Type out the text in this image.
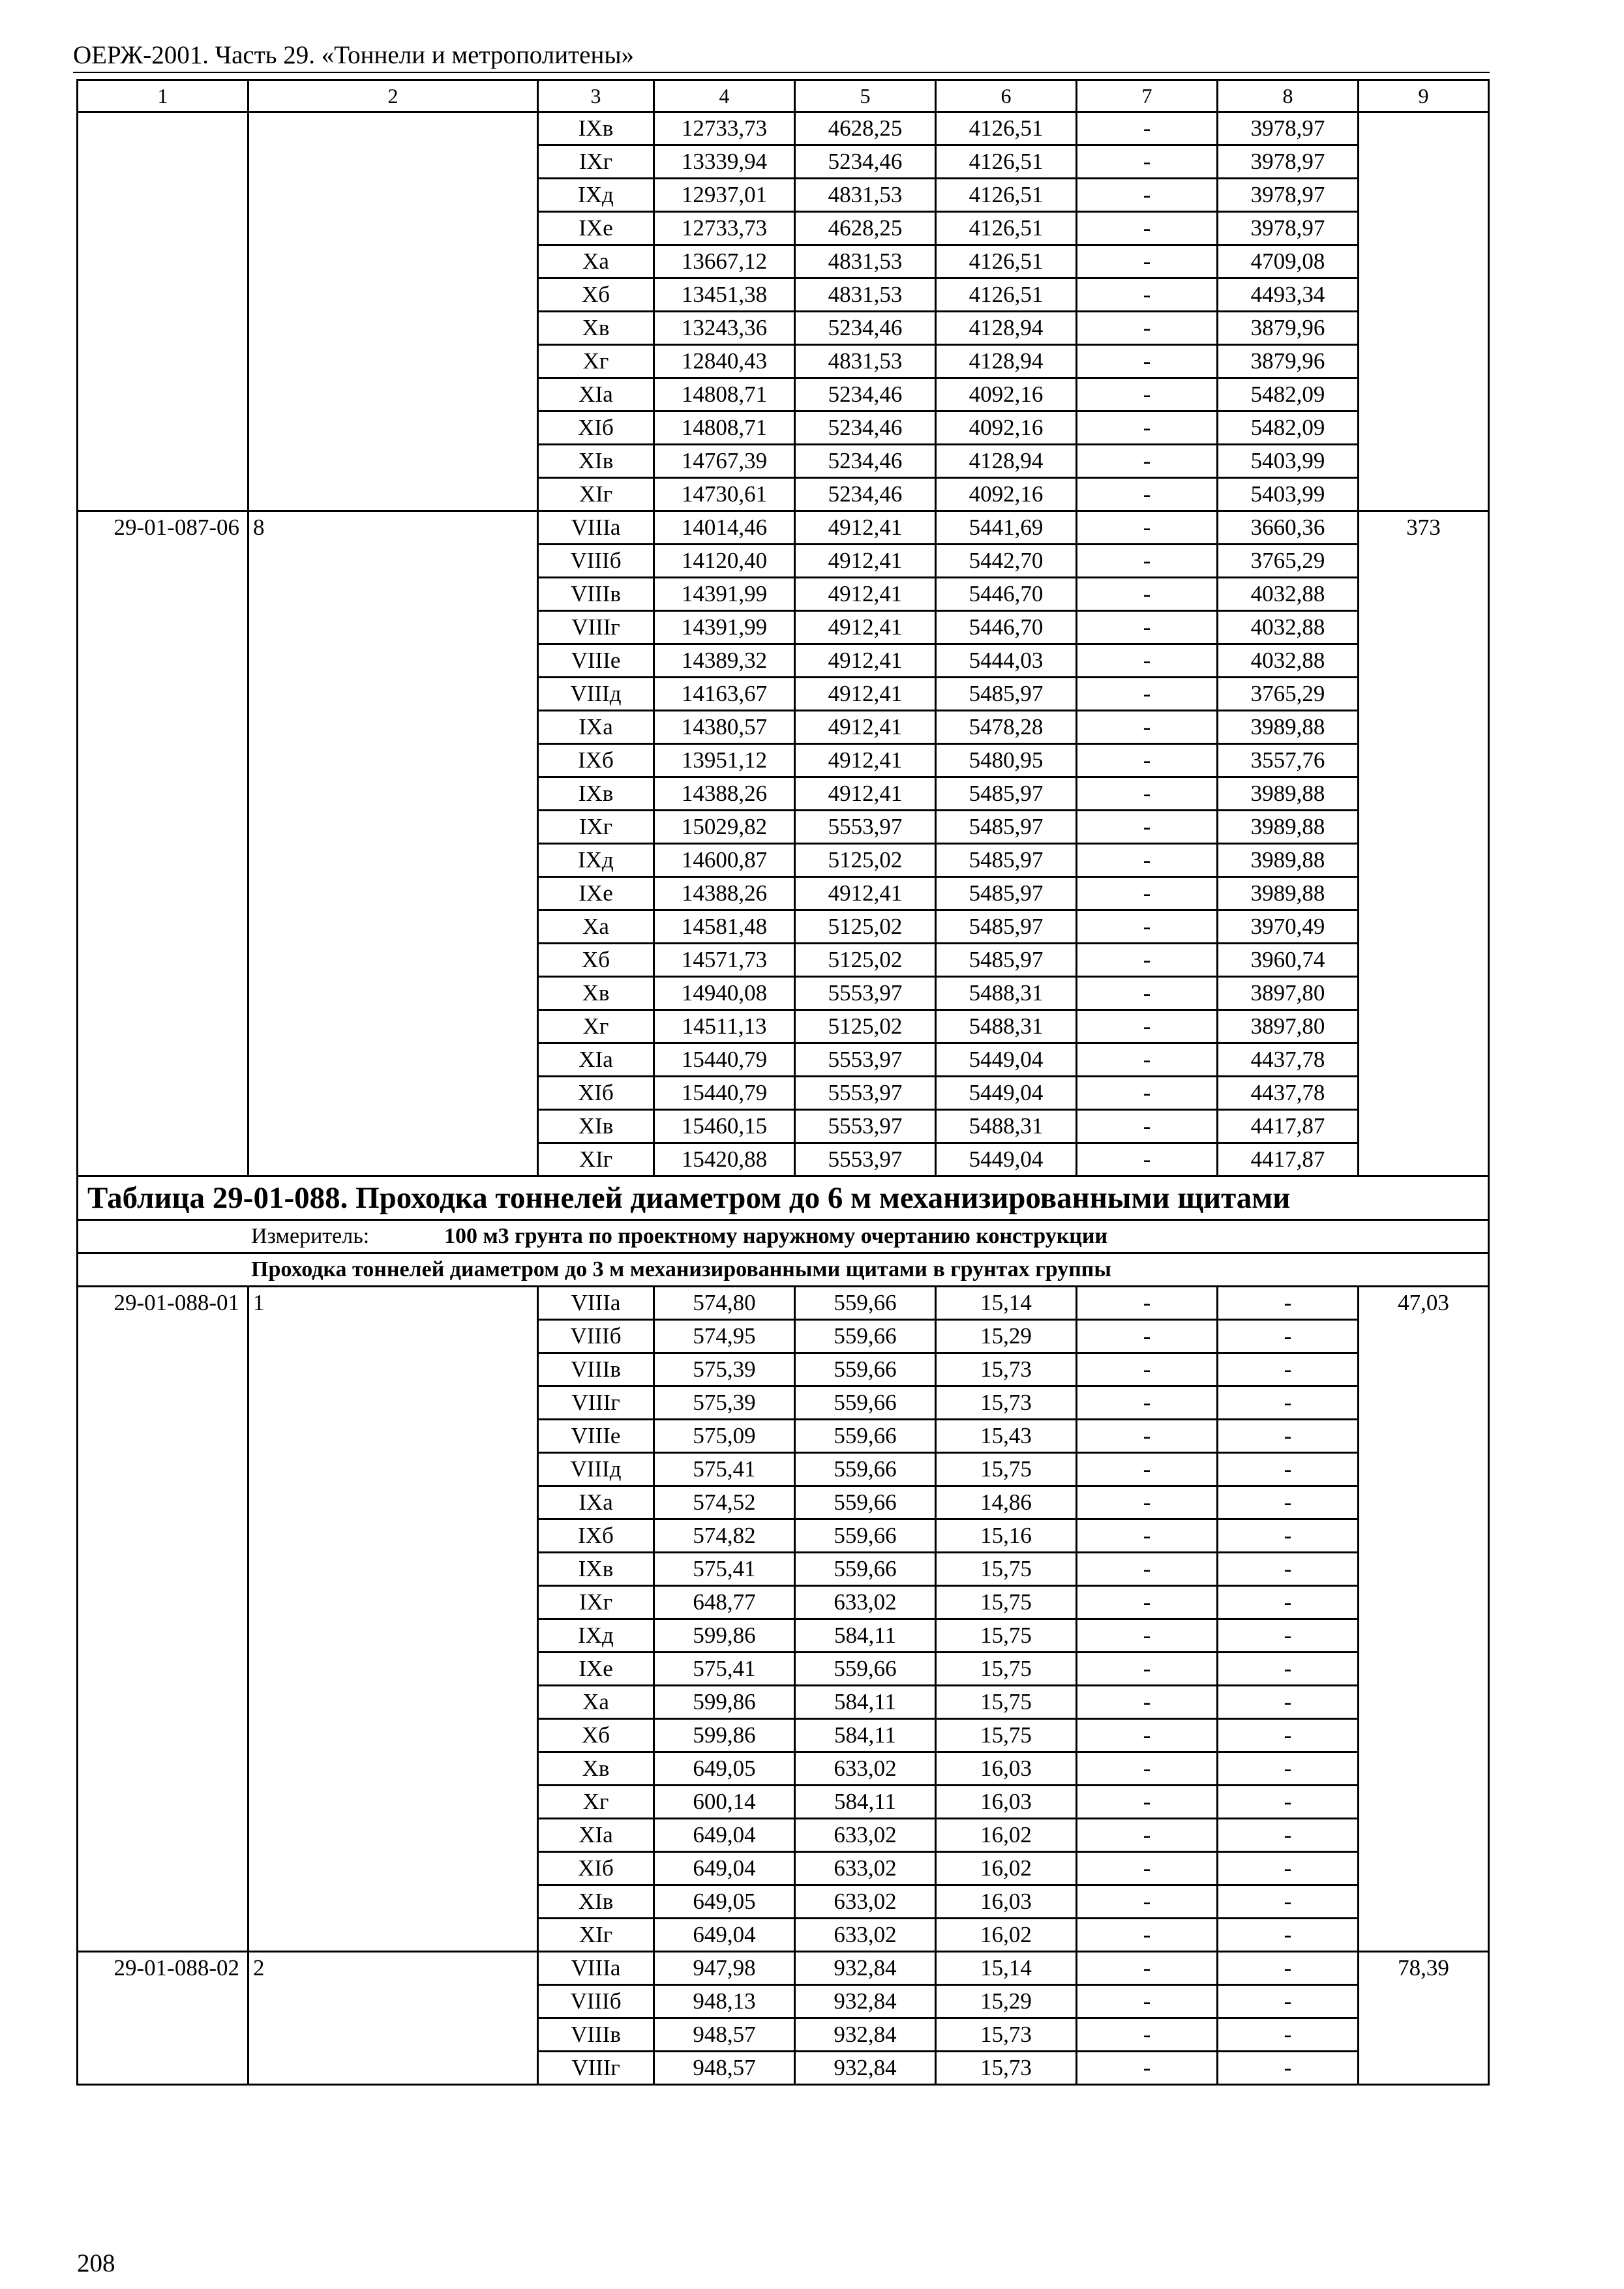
ОЕРЖ-2001. Часть 29. «Тоннели и метрополитены»
1	2	3	4	5	6	7	8	9
		IXв	12733,73	4628,25	4126,51	-	3978,97	
		IXг	13339,94	5234,46	4126,51	-	3978,97	
		IXд	12937,01	4831,53	4126,51	-	3978,97	
		IXе	12733,73	4628,25	4126,51	-	3978,97	
		Xа	13667,12	4831,53	4126,51	-	4709,08	
		Xб	13451,38	4831,53	4126,51	-	4493,34	
		Xв	13243,36	5234,46	4128,94	-	3879,96	
		Xг	12840,43	4831,53	4128,94	-	3879,96	
		XIа	14808,71	5234,46	4092,16	-	5482,09	
		XIб	14808,71	5234,46	4092,16	-	5482,09	
		XIв	14767,39	5234,46	4128,94	-	5403,99	
		XIг	14730,61	5234,46	4092,16	-	5403,99	
29-01-087-06	8	VIIIа	14014,46	4912,41	5441,69	-	3660,36	373
		VIIIб	14120,40	4912,41	5442,70	-	3765,29	
		VIIIв	14391,99	4912,41	5446,70	-	4032,88	
		VIIIг	14391,99	4912,41	5446,70	-	4032,88	
		VIIIе	14389,32	4912,41	5444,03	-	4032,88	
		VIIIд	14163,67	4912,41	5485,97	-	3765,29	
		IXа	14380,57	4912,41	5478,28	-	3989,88	
		IXб	13951,12	4912,41	5480,95	-	3557,76	
		IXв	14388,26	4912,41	5485,97	-	3989,88	
		IXг	15029,82	5553,97	5485,97	-	3989,88	
		IXд	14600,87	5125,02	5485,97	-	3989,88	
		IXе	14388,26	4912,41	5485,97	-	3989,88	
		Xа	14581,48	5125,02	5485,97	-	3970,49	
		Xб	14571,73	5125,02	5485,97	-	3960,74	
		Xв	14940,08	5553,97	5488,31	-	3897,80	
		Xг	14511,13	5125,02	5488,31	-	3897,80	
		XIа	15440,79	5553,97	5449,04	-	4437,78	
		XIб	15440,79	5553,97	5449,04	-	4437,78	
		XIв	15460,15	5553,97	5488,31	-	4417,87	
		XIг	15420,88	5553,97	5449,04	-	4417,87	
Таблица 29-01-088. Проходка тоннелей диаметром до 6 м механизированными щитами								
Измеритель: 100 м3 грунта по проектному наружному очертанию конструкции								
Проходка тоннелей диаметром до 3 м механизированными щитами в грунтах группы								
29-01-088-01	1	VIIIа	574,80	559,66	15,14	-	-	47,03
		VIIIб	574,95	559,66	15,29	-	-	
		VIIIв	575,39	559,66	15,73	-	-	
		VIIIг	575,39	559,66	15,73	-	-	
		VIIIе	575,09	559,66	15,43	-	-	
		VIIIд	575,41	559,66	15,75	-	-	
		IXа	574,52	559,66	14,86	-	-	
		IXб	574,82	559,66	15,16	-	-	
		IXв	575,41	559,66	15,75	-	-	
		IXг	648,77	633,02	15,75	-	-	
		IXд	599,86	584,11	15,75	-	-	
		IXе	575,41	559,66	15,75	-	-	
		Xа	599,86	584,11	15,75	-	-	
		Xб	599,86	584,11	15,75	-	-	
		Xв	649,05	633,02	16,03	-	-	
		Xг	600,14	584,11	16,03	-	-	
		XIа	649,04	633,02	16,02	-	-	
		XIб	649,04	633,02	16,02	-	-	
		XIв	649,05	633,02	16,03	-	-	
		XIг	649,04	633,02	16,02	-	-	
29-01-088-02	2	VIIIа	947,98	932,84	15,14	-	-	78,39
		VIIIб	948,13	932,84	15,29	-	-	
		VIIIв	948,57	932,84	15,73	-	-	
		VIIIг	948,57	932,84	15,73	-	-	
208
